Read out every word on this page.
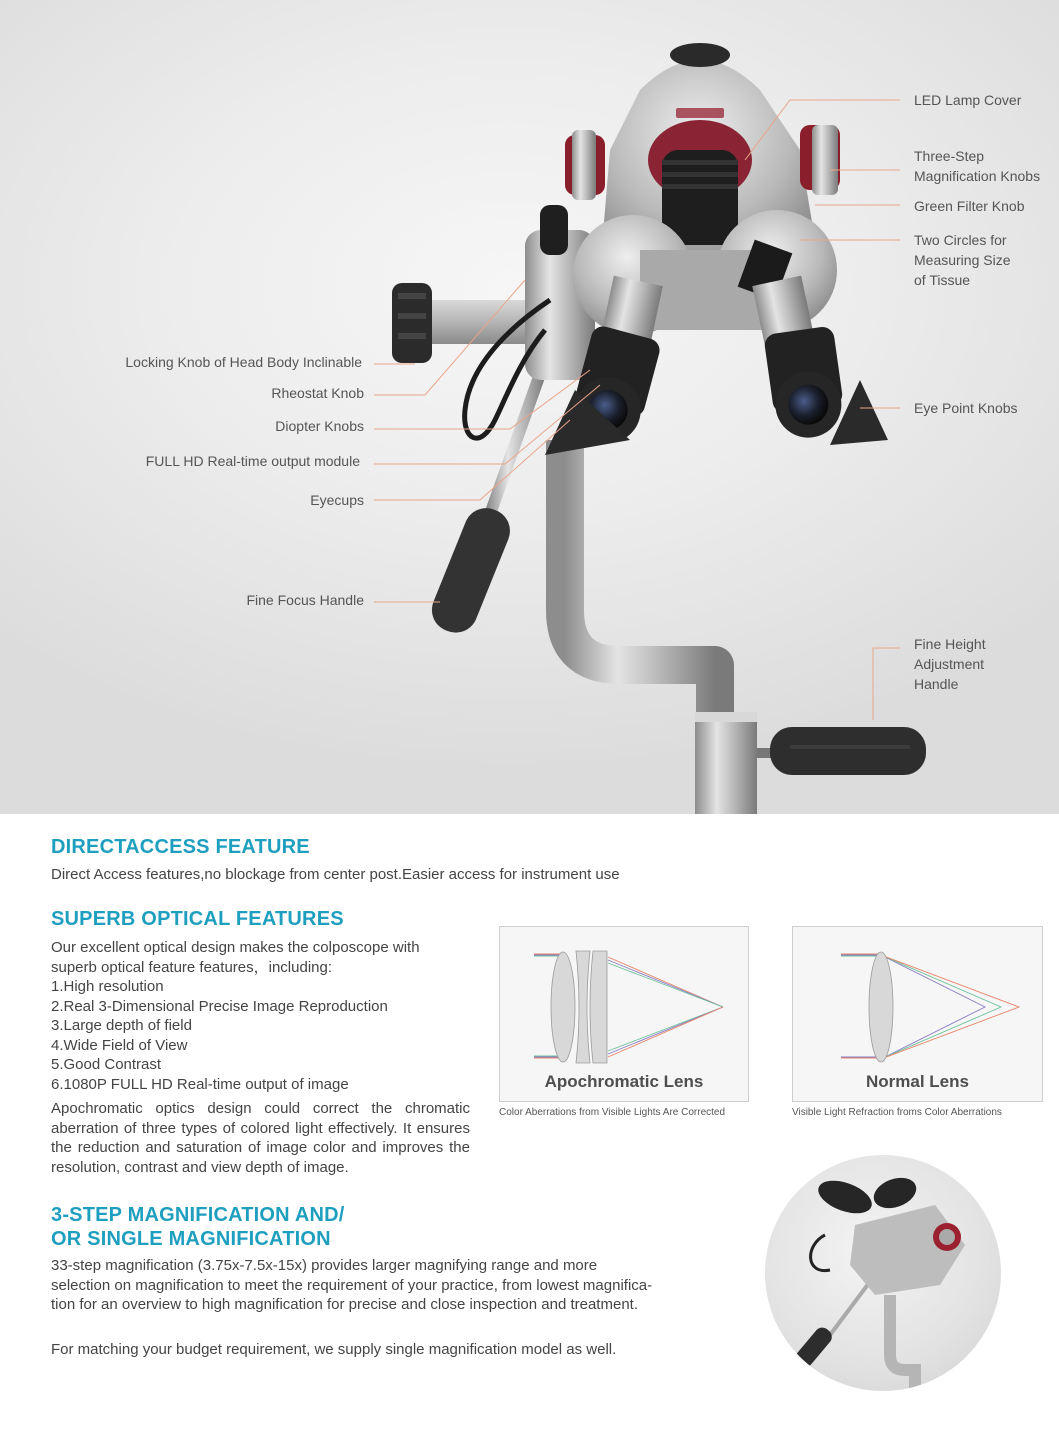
LED Lamp Cover
Three-Step
Magnification Knobs
Green Filter Knob
Two Circles for
Measuring Size
of Tissue
Eye Point Knobs
Fine Height
Adjustment
Handle
Locking Knob of Head Body Inclinable
Rheostat Knob
Diopter Knobs
FULL HD Real-time output module
Eyecups
Fine Focus Handle
DIRECTACCESS FEATURE
Direct Access features,no blockage from center post.Easier access for instrument use
SUPERB OPTICAL FEATURES
Our excellent optical design makes the colposcope with
superb optical feature features，including:
1.High resolution
2.Real 3-Dimensional Precise Image Reproduction
3.Large depth of field
4.Wide Field of View
5.Good Contrast
6.1080P FULL HD Real-time output of image
Apochromatic optics design could correct the chromatic aberration of three types of colored light effectively. It ensures the reduction and saturation of image color and improves the resolution, contrast and view depth of image.
Apochromatic Lens
Color Aberrations from Visible Lights Are Corrected
Normal Lens
Visible Light Refraction froms Color Aberrations
3-STEP MAGNIFICATION AND/
OR SINGLE MAGNIFICATION
33-step magnification (3.75x-7.5x-15x) provides larger magnifying range and more
selection on magnification to meet the requirement of your practice, from lowest magnifica-
tion for an overview to high magnification for precise and close inspection and treatment.
For matching your budget requirement, we supply single magnification model as well.
